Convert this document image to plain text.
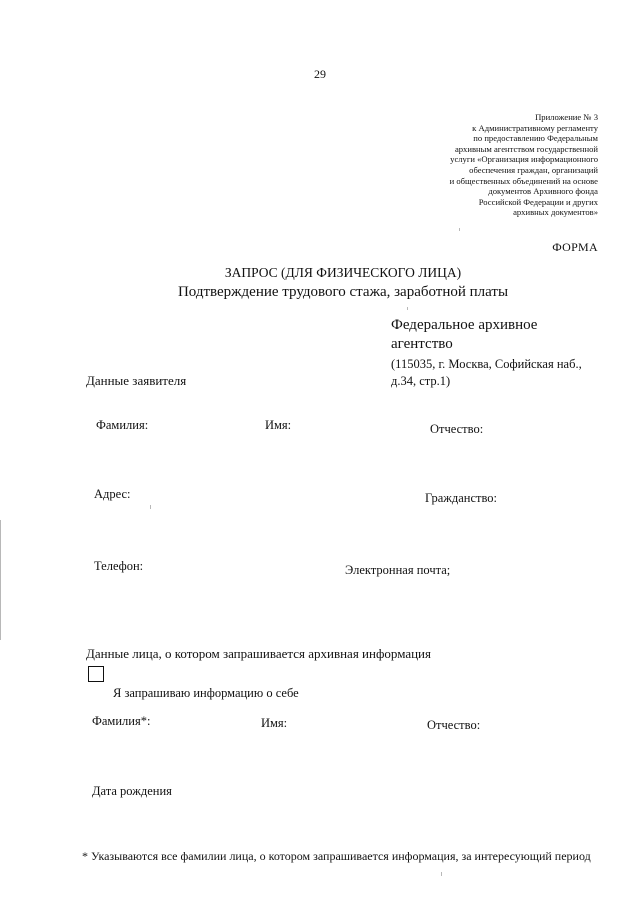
29
Приложение № 3
к Административному регламенту
по предоставлению Федеральным
архивным агентством государственной
услуги «Организация информационного
обеспечения граждан, организаций
и общественных объединений на основе
документов Архивного фонда
Российской Федерации и других
архивных документов»
ФОРМА
ЗАПРОС (ДЛЯ ФИЗИЧЕСКОГО ЛИЦА)
Подтверждение трудового стажа, заработной платы
Федеральное архивное
агентство
(115035, г. Москва, Софийская наб.,
д.34, стр.1)
Данные заявителя
Фамилия:	Имя:	Отчество:
Адрес:	Гражданство:
Телефон:	Электронная почта;
Данные лица, о котором запрашивается архивная информация
Я запрашиваю информацию о себе
Фамилия*:	Имя:	Отчество:
Дата рождения
* Указываются все фамилии лица, о котором запрашивается информация, за интересующий период
